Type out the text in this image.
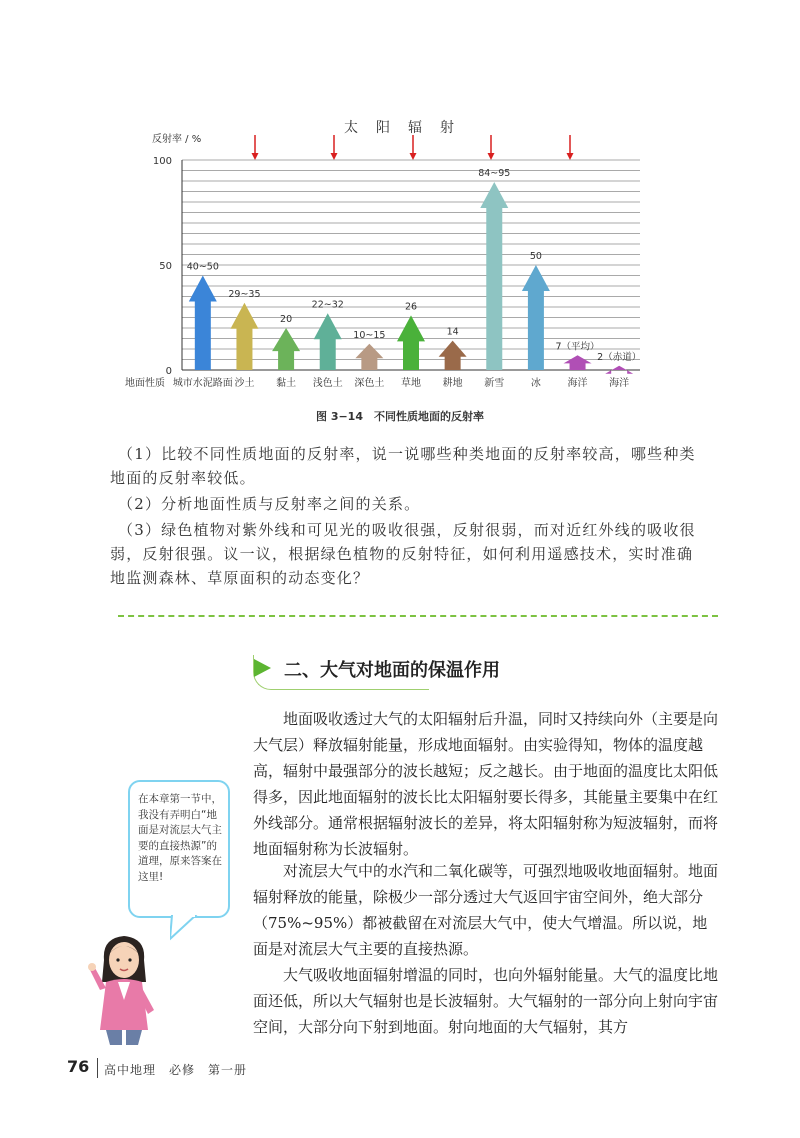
太　阳　辐　射
反射率 / %
100
50
0
地面性质
40~50
城市水泥路面
29~35
沙土
20
黏土
22~32
浅色土
10~15
深色土
26
草地
14
耕地
84~95
新雪
50
冰
7（平均）
海洋
2（赤道）
海洋
图 3−14　不同性质地面的反射率
（1）比较不同性质地面的反射率，说一说哪些种类地面的反射率较高，哪些种类地面的反射率较低。
（2）分析地面性质与反射率之间的关系。
（3）绿色植物对紫外线和可见光的吸收很强，反射很弱，而对近红外线的吸收很弱，反射很强。议一议，根据绿色植物的反射特征，如何利用遥感技术，实时准确地监测森林、草原面积的动态变化？
二、大气对地面的保温作用
地面吸收透过大气的太阳辐射后升温，同时又持续向外（主要是向大气层）释放辐射能量，形成地面辐射。由实验得知，物体的温度越高，辐射中最强部分的波长越短；反之越长。由于地面的温度比太阳低得多，因此地面辐射的波长比太阳辐射要长得多，其能量主要集中在红外线部分。通常根据辐射波长的差异，将太阳辐射称为短波辐射，而将地面辐射称为长波辐射。
对流层大气中的水汽和二氧化碳等，可强烈地吸收地面辐射。地面辐射释放的能量，除极少一部分透过大气返回宇宙空间外，绝大部分（75%~95%）都被截留在对流层大气中，使大气增温。所以说，地面是对流层大气主要的直接热源。
大气吸收地面辐射增温的同时，也向外辐射能量。大气的温度比地面还低，所以大气辐射也是长波辐射。大气辐射的一部分向上射向宇宙空间，大部分向下射到地面。射向地面的大气辐射，其方
在本章第一节中，我没有弄明白“地面是对流层大气主要的直接热源”的道理，原来答案在这里!
76 高中地理　必修　第一册
